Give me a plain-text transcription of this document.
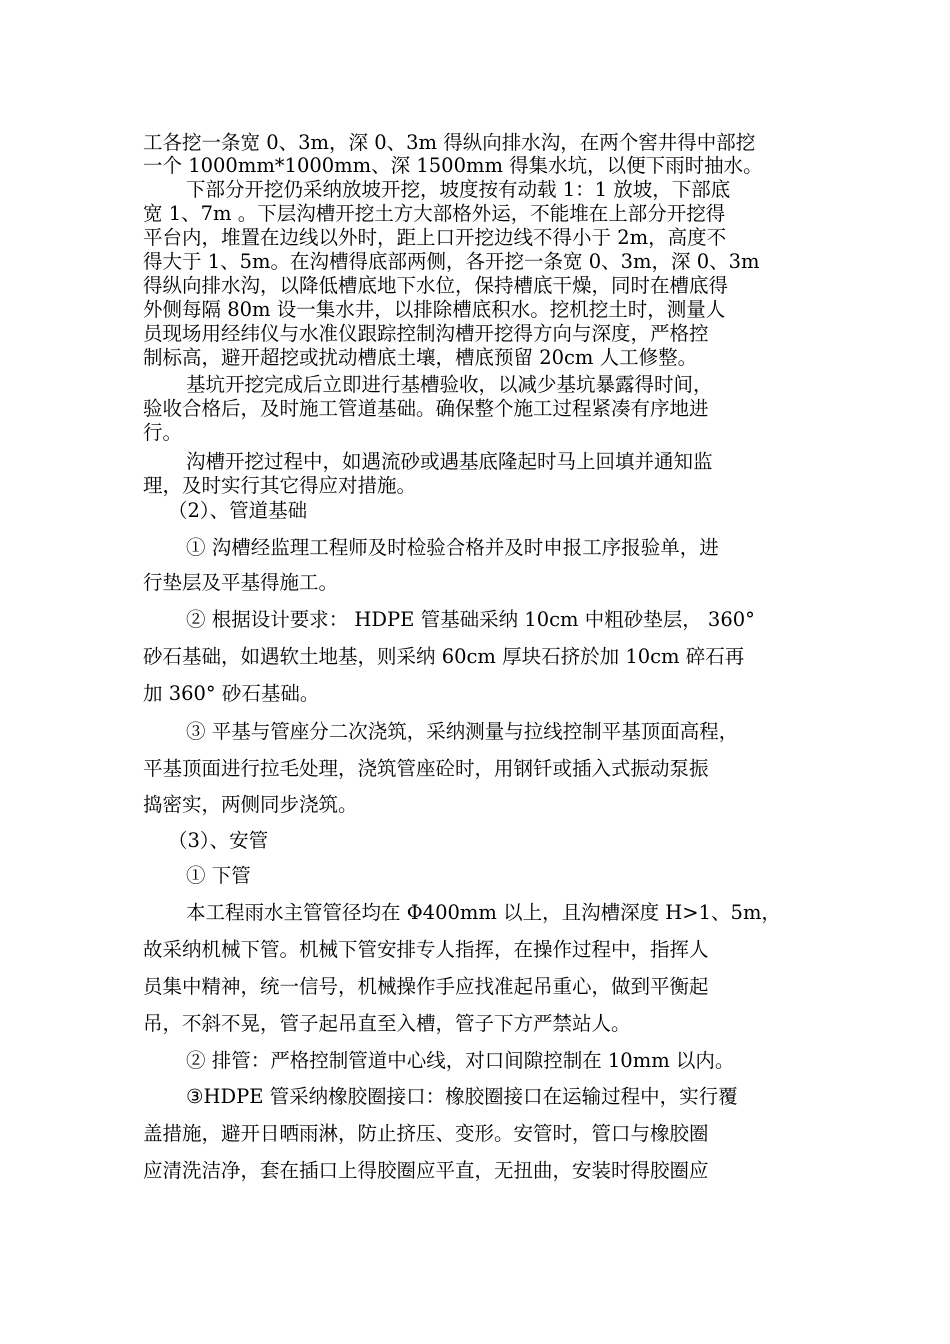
工各挖一条宽 0、3m，深 0、3m 得纵向排水沟，在两个窖井得中部挖
一个 1000mm*1000mm、深 1500mm 得集水坑，以便下雨时抽水。
下部分开挖仍采纳放坡开挖，坡度按有动载 1：1 放坡，下部底
宽 1、7m 。下层沟槽开挖土方大部格外运，不能堆在上部分开挖得
平台内，堆置在边线以外时，距上口开挖边线不得小于 2m，高度不
得大于 1、5m。在沟槽得底部两侧，各开挖一条宽 0、3m，深 0、3m
得纵向排水沟，以降低槽底地下水位，保持槽底干燥，同时在槽底得
外侧每隔 80m 设一集水井，以排除槽底积水。挖机挖土时，测量人
员现场用经纬仪与水准仪跟踪控制沟槽开挖得方向与深度，严格控
制标高，避开超挖或扰动槽底土壤，槽底预留 20cm 人工修整。
基坑开挖完成后立即进行基槽验收，以减少基坑暴露得时间，
验收合格后，及时施工管道基础。确保整个施工过程紧凑有序地进
行。
沟槽开挖过程中，如遇流砂或遇基底隆起时马上回填并通知监
理，及时实行其它得应对措施。
（2）、管道基础
① 沟槽经监理工程师及时检验合格并及时申报工序报验单，进
行垫层及平基得施工。
② 根据设计要求： HDPE 管基础采纳 10cm 中粗砂垫层， 360°
砂石基础，如遇软土地基，则采纳 60cm 厚块石挤於加 10cm 碎石再
加 360° 砂石基础。
③ 平基与管座分二次浇筑，采纳测量与拉线控制平基顶面高程，
平基顶面进行拉毛处理，浇筑管座砼时，用钢钎或插入式振动泵振
捣密实，两侧同步浇筑。
（3）、安管
① 下管
本工程雨水主管管径均在 Φ400mm 以上，且沟槽深度 H>1、5m，
故采纳机械下管。机械下管安排专人指挥，在操作过程中，指挥人
员集中精神，统一信号，机械操作手应找准起吊重心，做到平衡起
吊，不斜不晃，管子起吊直至入槽，管子下方严禁站人。
② 排管：严格控制管道中心线，对口间隙控制在 10mm 以内。
③HDPE 管采纳橡胶圈接口：橡胶圈接口在运输过程中，实行覆
盖措施，避开日晒雨淋，防止挤压、变形。安管时，管口与橡胶圈
应清洗洁净，套在插口上得胶圈应平直，无扭曲，安装时得胶圈应
